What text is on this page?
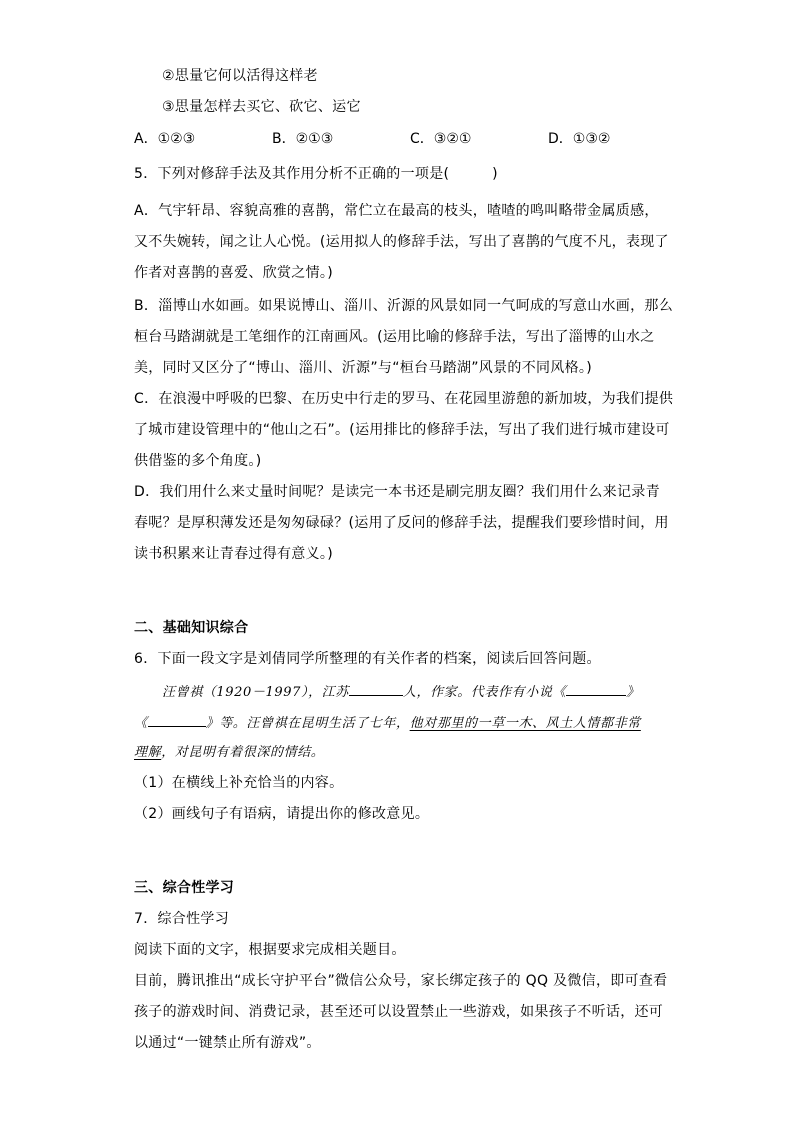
②思量它何以活得这样老
③思量怎样去买它、砍它、运它
A．①②③	B．②①③	C．③②①	D．①③②
5．下列对修辞手法及其作用分析不正确的一项是(　　　)
A．气宇轩昂、容貌高雅的喜鹊，常伫立在最高的枝头，喳喳的鸣叫略带金属质感，
又不失婉转，闻之让人心悦。(运用拟人的修辞手法，写出了喜鹊的气度不凡，表现了
作者对喜鹊的喜爱、欣赏之情。)
B．淄博山水如画。如果说博山、淄川、沂源的风景如同一气呵成的写意山水画，那么
桓台马踏湖就是工笔细作的江南画风。(运用比喻的修辞手法，写出了淄博的山水之
美，同时又区分了“博山、淄川、沂源”与“桓台马踏湖”风景的不同风格。)
C．在浪漫中呼吸的巴黎、在历史中行走的罗马、在花园里游憩的新加坡，为我们提供
了城市建设管理中的“他山之石”。(运用排比的修辞手法，写出了我们进行城市建设可
供借鉴的多个角度。)
D．我们用什么来丈量时间呢？是读完一本书还是刷完朋友圈？我们用什么来记录青
春呢？是厚积薄发还是匆匆碌碌？(运用了反问的修辞手法，提醒我们要珍惜时间，用
读书积累来让青春过得有意义。)
二、基础知识综合
6．下面一段文字是刘倩同学所整理的有关作者的档案，阅读后回答问题。
汪曾祺（1920－1997），江苏	人，作家。代表作有小说《	》
《	》等。汪曾祺在昆明生活了七年，他对那里的一草一木、风土人情都非常
理解，对昆明有着很深的情结。
（1）在横线上补充恰当的内容。
（2）画线句子有语病，请提出你的修改意见。
三、综合性学习
7．综合性学习
阅读下面的文字，根据要求完成相关题目。
目前，腾讯推出“成长守护平台”微信公众号，家长绑定孩子的 QQ 及微信，即可查看
孩子的游戏时间、消费记录，甚至还可以设置禁止一些游戏，如果孩子不听话，还可
以通过“一键禁止所有游戏”。
